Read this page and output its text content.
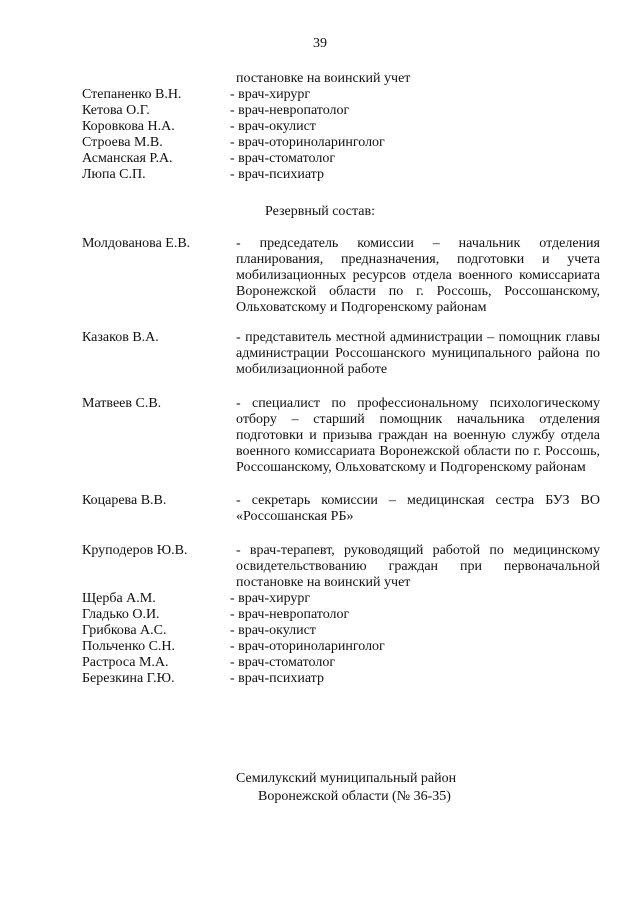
39
постановке на воинский учет
Степаненко В.Н.	- врач-хирург
Кетова О.Г.	- врач-невропатолог
Коровкова Н.А.	- врач-окулист
Строева М.В.	- врач-оториноларинголог
Асманская Р.А.	- врач-стоматолог
Люпа С.П.	- врач-психиатр
Резервный состав:
Молдованова Е.В.	- председатель комиссии – начальник отделения
планирования, предназначения, подготовки и учета
мобилизационных ресурсов отдела военного комиссариата
Воронежской области по г. Россошь, Россошанскому,
Ольховатскому и Подгоренскому районам
Казаков В.А.	- представитель местной администрации – помощник главы
администрации Россошанского муниципального района по
мобилизационной работе
Матвеев С.В.	- специалист по профессиональному психологическому
отбору – старший помощник начальника отделения
подготовки и призыва граждан на военную службу отдела
военного комиссариата Воронежской области по г. Россошь,
Россошанскому, Ольховатскому и Подгоренскому районам
Коцарева В.В.	- секретарь комиссии – медицинская сестра БУЗ ВО
«Россошанская РБ»
Круподеров Ю.В.	- врач-терапевт, руководящий работой по медицинскому
освидетельствованию граждан при первоначальной
постановке на воинский учет
Щерба А.М.	- врач-хирург
Гладько О.И.	- врач-невропатолог
Грибкова А.С.	- врач-окулист
Польченко С.Н.	- врач-оториноларинголог
Растроса М.А.	- врач-стоматолог
Березкина Г.Ю.	- врач-психиатр
Семилукский муниципальный район
Воронежской области (№ 36-35)
